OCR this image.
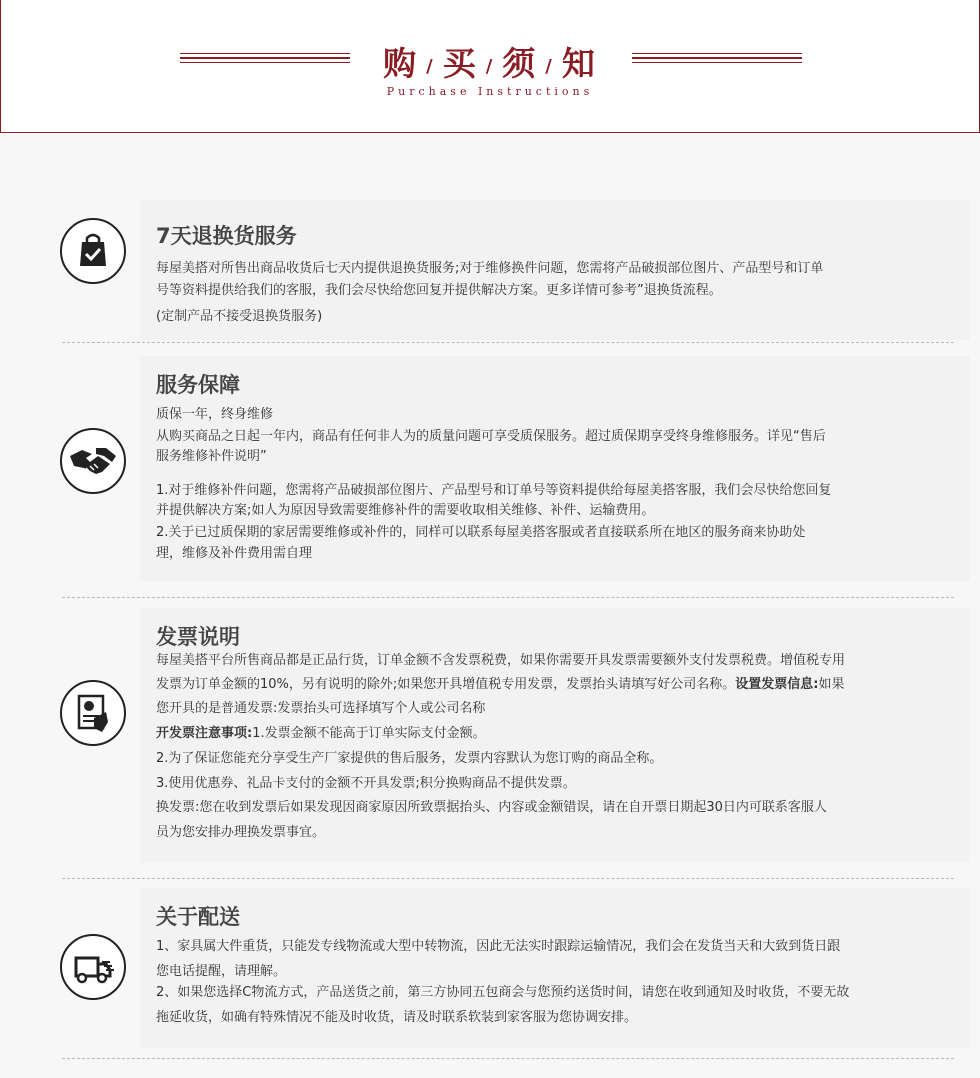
购 / 买 / 须 / 知
Purchase Instructions
7天退换货服务
每屋美搭对所售出商品收货后七天内提供退换货服务;对于维修换件问题，您需将产品破损部位图片、产品型号和订单
号等资料提供给我们的客服，我们会尽快给您回复并提供解决方案。更多详情可参考”退换货流程。
(定制产品不接受退换货服务)
服务保障
质保一年，终身维修
从购买商品之日起一年内，商品有任何非人为的质量问题可享受质保服务。超过质保期享受终身维修服务。详见“售后
服务维修补件说明”
1.对于维修补件问题，您需将产品破损部位图片、产品型号和订单号等资料提供给每屋美搭客服，我们会尽快给您回复
并提供解决方案;如人为原因导致需要维修补件的需要收取相关维修、补件、运输费用。
2.关于已过质保期的家居需要维修或补件的，同样可以联系每屋美搭客服或者直接联系所在地区的服务商来协助处
理，维修及补件费用需自理
发票说明
每屋美搭平台所售商品都是正品行货，订单金额不含发票税费，如果你需要开具发票需要额外支付发票税费。增值税专用
发票为订单金额的10%，另有说明的除外;如果您开具增值税专用发票，发票抬头请填写好公司名称。设置发票信息:如果
您开具的是普通发票:发票抬头可选择填写个人或公司名称
开发票注意事项:1.发票金额不能高于订单实际支付金额。
2.为了保证您能充分享受生产厂家提供的售后服务，发票内容默认为您订购的商品全称。
3.使用优惠券、礼品卡支付的金额不开具发票;积分换购商品不提供发票。
换发票:您在收到发票后如果发现因商家原因所致票据抬头、内容或金额错误，请在自开票日期起30日内可联系客服人
员为您安排办理换发票事宜。
关于配送
1、家具属大件重货，只能发专线物流或大型中转物流，因此无法实时跟踪运输情况，我们会在发货当天和大致到货日跟
您电话提醒，请理解。
2、如果您选择C物流方式，产品送货之前，第三方协同五包商会与您预约送货时间，请您在收到通知及时收货，不要无故
拖延收货，如确有特殊情况不能及时收货，请及时联系软装到家客服为您协调安排。
